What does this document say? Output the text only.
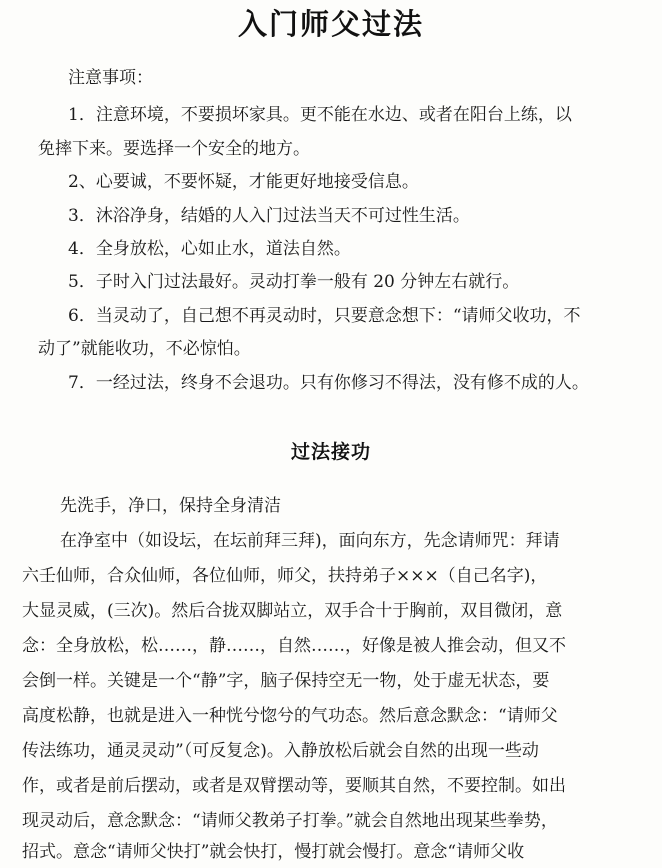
入门师父过法
注意事项：
1．注意环境，不要损坏家具。更不能在水边、或者在阳台上练，以
免摔下来。要选择一个安全的地方。
2、心要诚，不要怀疑，才能更好地接受信息。
3．沐浴净身，结婚的人入门过法当天不可过性生活。
4．全身放松，心如止水，道法自然。
5．子时入门过法最好。灵动打拳一般有 20 分钟左右就行。
6．当灵动了，自己想不再灵动时，只要意念想下：“请师父收功，不
动了”就能收功，不必惊怕。
7．一经过法，终身不会退功。只有你修习不得法，没有修不成的人。
过法接功
先洗手，净口，保持全身清洁
在净室中（如设坛，在坛前拜三拜)，面向东方，先念请师咒：拜请
六壬仙师，合众仙师，各位仙师，师父，扶持弟子×××（自己名字)，
大显灵威，(三次)。然后合拢双脚站立，双手合十于胸前，双目微闭，意
念：全身放松，松……，静……，自然……，好像是被人推会动，但又不
会倒一样。关键是一个“静”字，脑子保持空无一物，处于虚无状态，要
高度松静，也就是进入一种恍兮惚兮的气功态。然后意念默念：“请师父
传法练功，通灵灵动”（可反复念)。入静放松后就会自然的出现一些动
作，或者是前后摆动，或者是双臂摆动等，要顺其自然，不要控制。如出
现灵动后，意念默念：“请师父教弟子打拳。”就会自然地出现某些拳势，
招式。意念“请师父快打”就会快打，慢打就会慢打。意念“请师父收
